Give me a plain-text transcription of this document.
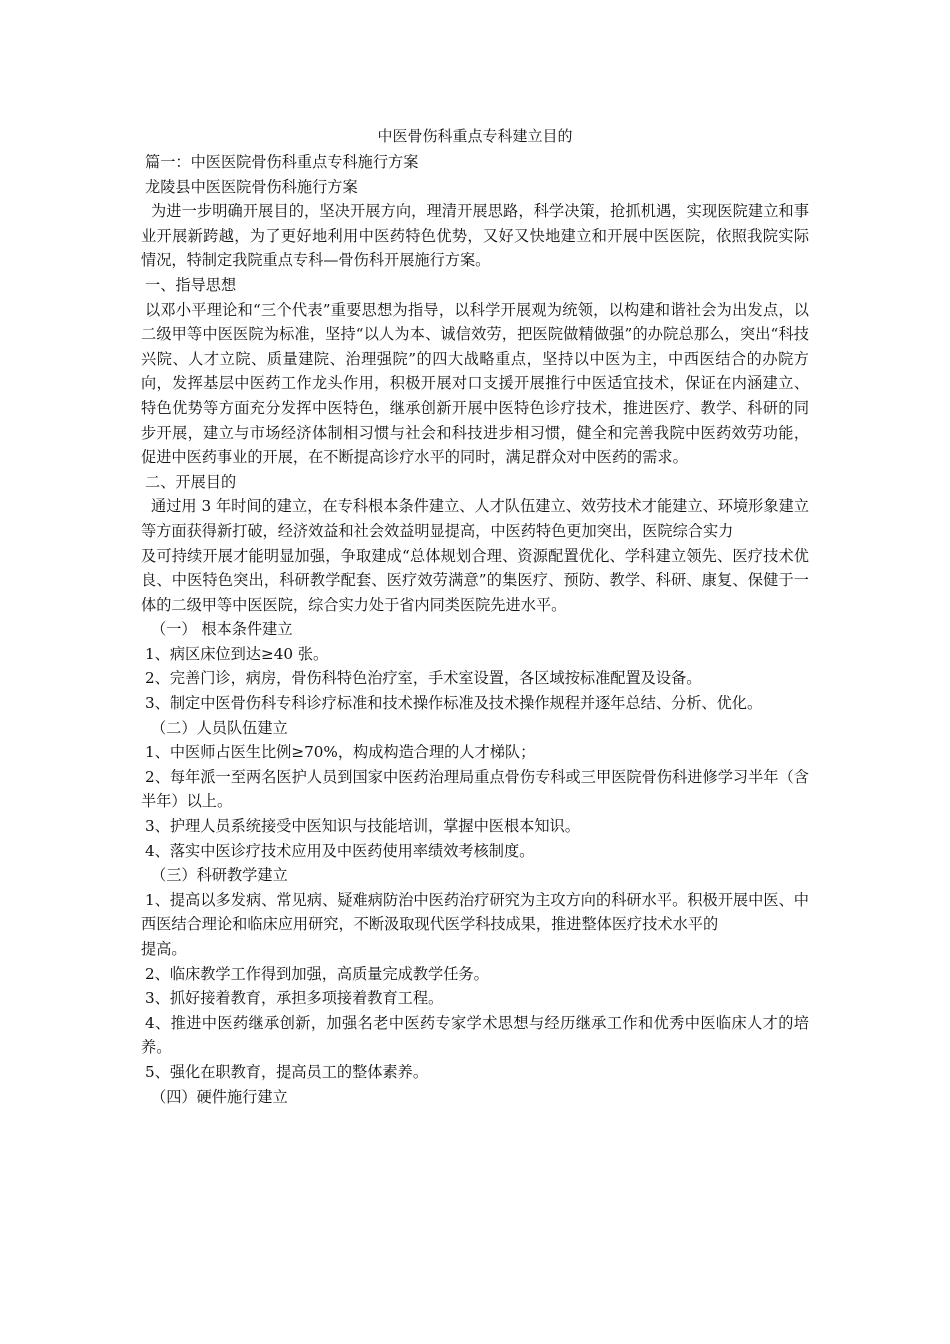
中医骨伤科重点专科建立目的

篇一：中医医院骨伤科重点专科施行方案

龙陵县中医医院骨伤科施行方案

为进一步明确开展目的，坚决开展方向，理清开展思路，科学决策，抢抓机遇，实现医院建立和事业开展新跨越，为了更好地利用中医药特色优势，又好又快地建立和开展中医医院，依照我院实际情况，特制定我院重点专科—骨伤科开展施行方案。

一、指导思想

以邓小平理论和“三个代表”重要思想为指导，以科学开展观为统领，以构建和谐社会为出发点，以二级甲等中医医院为标准，坚持“以人为本、诚信效劳，把医院做精做强”的办院总那么，突出“科技兴院、人才立院、质量建院、治理强院”的四大战略重点，坚持以中医为主，中西医结合的办院方向，发挥基层中医药工作龙头作用，积极开展对口支援开展推行中医适宜技术，保证在内涵建立、特色优势等方面充分发挥中医特色，继承创新开展中医特色诊疗技术，推进医疗、教学、科研的同步开展，建立与市场经济体制相习惯与社会和科技进步相习惯，健全和完善我院中医药效劳功能，促进中医药事业的开展，在不断提高诊疗水平的同时，满足群众对中医药的需求。

二、开展目的

通过用 3 年时间的建立，在专科根本条件建立、人才队伍建立、效劳技术才能建立、环境形象建立等方面获得新打破，经济效益和社会效益明显提高，中医药特色更加突出，医院综合实力

及可持续开展才能明显加强，争取建成“总体规划合理、资源配置优化、学科建立领先、医疗技术优良、中医特色突出，科研教学配套、医疗效劳满意”的集医疗、预防、教学、科研、康复、保健于一体的二级甲等中医医院，综合实力处于省内同类医院先进水平。

（一） 根本条件建立

1、病区床位到达≥40 张。

2、完善门诊，病房，骨伤科特色治疗室，手术室设置，各区域按标准配置及设备。

3、制定中医骨伤科专科诊疗标准和技术操作标准及技术操作规程并逐年总结、分析、优化。

（二）人员队伍建立

1、中医师占医生比例≥70%，构成构造合理的人才梯队；

2、每年派一至两名医护人员到国家中医药治理局重点骨伤专科或三甲医院骨伤科进修学习半年（含半年）以上。

3、护理人员系统接受中医知识与技能培训，掌握中医根本知识。

4、落实中医诊疗技术应用及中医药使用率绩效考核制度。

（三）科研教学建立

1、提高以多发病、常见病、疑难病防治中医药治疗研究为主攻方向的科研水平。积极开展中医、中西医结合理论和临床应用研究，不断汲取现代医学科技成果，推进整体医疗技术水平的

提高。

2、临床教学工作得到加强，高质量完成教学任务。

3、抓好接着教育，承担多项接着教育工程。

4、推进中医药继承创新，加强名老中医药专家学术思想与经历继承工作和优秀中医临床人才的培养。

5、强化在职教育，提高员工的整体素养。

（四）硬件施行建立
